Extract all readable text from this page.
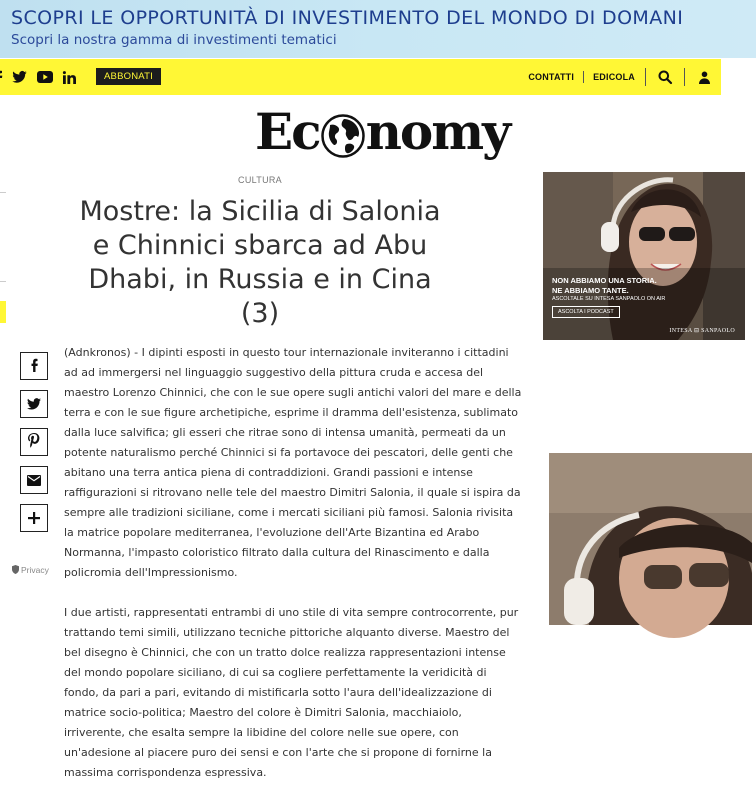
SCOPRI LE OPPORTUNITÀ DI INVESTIMENTO DEL MONDO DI DOMANI
Scopri la nostra gamma di investimenti tematici
ABBONATI	CONTATTI EDICOLA
Ec nomy
CULTURA
Mostre: la Sicilia di Salonia e Chinnici sbarca ad Abu Dhabi, in Russia e in Cina (3)

(Adnkronos) - I dipinti esposti in questo tour internazionale inviteranno i cittadini ad ad immergersi nel linguaggio suggestivo della pittura cruda e accesa del maestro Lorenzo Chinnici, che con le sue opere sugli antichi valori del mare e della terra e con le sue figure archetipiche, esprime il dramma dell'esistenza, sublimato dalla luce salvifica; gli esseri che ritrae sono di intensa umanità, permeati da un potente naturalismo perché Chinnici si fa portavoce dei pescatori, delle genti che abitano una terra antica piena di contraddizioni. Grandi passioni e intense raffigurazioni si ritrovano nelle tele del maestro Dimitri Salonia, il quale si ispira da sempre alle tradizioni siciliane, come i mercati siciliani più famosi. Salonia rivisita la matrice popolare mediterranea, l'evoluzione dell'Arte Bizantina ed Arabo Normanna, l'impasto coloristico filtrato dalla cultura del Rinascimento e dalla policromia dell'Impressionismo.

I due artisti, rappresentati entrambi di uno stile di vita sempre controcorrente, pur trattando temi simili, utilizzano tecniche pittoriche alquanto diverse. Maestro del bel disegno è Chinnici, che con un tratto dolce realizza rappresentazioni intense del mondo popolare siciliano, di cui sa cogliere perfettamente la veridicità di fondo, da pari a pari, evitando di mistificarla sotto l'aura dell'idealizzazione di matrice socio-politica; Maestro del colore è Dimitri Salonia, macchiaiolo, irriverente, che esalta sempre la libidine del colore nelle sue opere, con un'adesione al piacere puro dei sensi e con l'arte che si propone di fornirne la massima corrispondenza espressiva.

Privacy
NON ABBIAMO UNA STORIA.
NE ABBIAMO TANTE.
ASCOLTALE SU INTESA SANPAOLO ON AIR
ASCOLTA I PODCAST
INTESA ⊟ SANPAOLO
